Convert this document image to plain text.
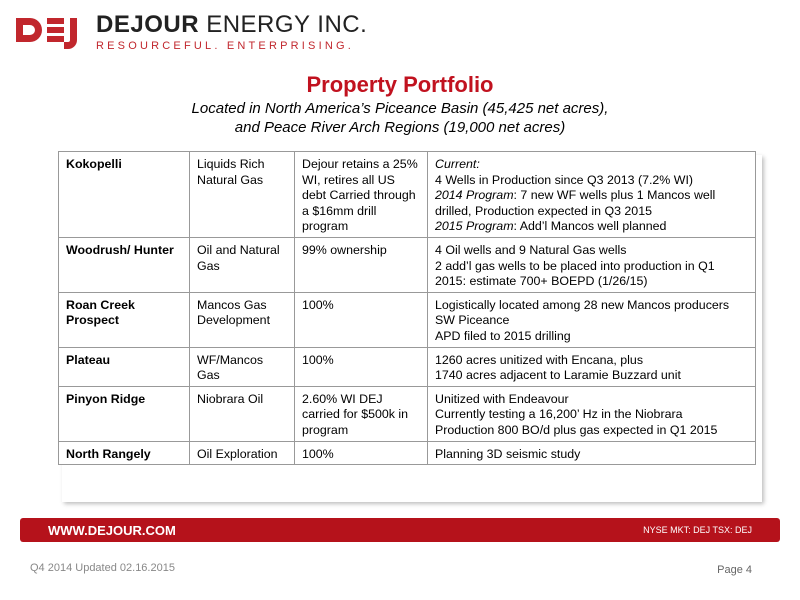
DEJOUR ENERGY INC.
RESOURCEFUL. ENTERPRISING.
Property Portfolio
Located in North America’s Piceance Basin (45,425 net acres),
and Peace River Arch Regions (19,000 net acres)
Kokopelli	Liquids Rich Natural Gas	Dejour retains a 25% WI, retires all US debt Carried through a $16mm drill program	Current:
4 Wells in Production since Q3 2013 (7.2% WI)
2014 Program: 7 new WF wells plus 1 Mancos well drilled, Production expected in Q3 2015
2015 Program: Add’l Mancos well planned

Woodrush/ Hunter	Oil and Natural Gas	99% ownership	4 Oil wells and 9 Natural Gas wells
2 add’l gas wells to be placed into production in Q1 2015: estimate 700+ BOEPD (1/26/15)

Roan Creek Prospect	Mancos Gas Development	100%	Logistically located among 28 new Mancos producers SW Piceance
APD filed to 2015 drilling

Plateau	WF/Mancos Gas	100%	1260 acres unitized with Encana, plus
1740 acres adjacent to Laramie Buzzard unit

Pinyon Ridge	Niobrara Oil	2.60% WI DEJ carried for $500k in program	Unitized with Endeavour
Currently testing a 16,200’ Hz in the Niobrara
Production 800 BO/d plus gas expected in Q1 2015

North Rangely	Oil Exploration	100%	Planning 3D seismic study
WWW.DEJOUR.COM	NYSE MKT: DEJ TSX: DEJ
Q4 2014 Updated 02.16.2015	Page 4
